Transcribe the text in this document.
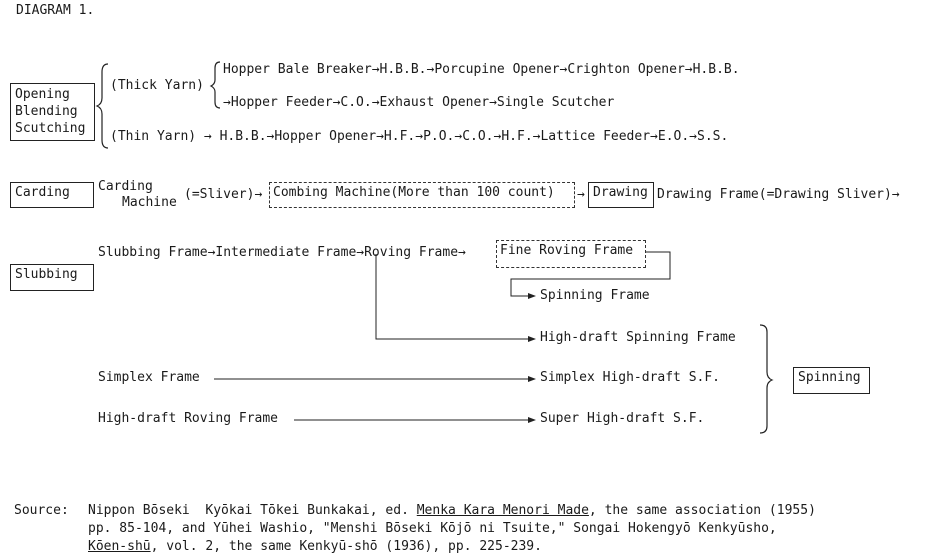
DIAGRAM 1.
Opening
Blending
Scutching
(Thick Yarn)
Hopper Bale Breaker→H.B.B.→Porcupine Opener→Crighton Opener→H.B.B.
→Hopper Feeder→C.O.→Exhaust Opener→Single Scutcher
(Thin Yarn) → H.B.B.→Hopper Opener→H.F.→P.O.→C.O.→H.F.→Lattice Feeder→E.O.→S.S.
Carding	Carding
Machine
(=Sliver)→ Combing Machine(More than 100 count)	→ Drawing Drawing Frame(=Drawing Sliver)→
Slubbing Frame→Intermediate Frame→Roving Frame→	Fine Roving Frame
Slubbing
Spinning Frame
High-draft Spinning Frame
Simplex Frame	Simplex High-draft S.F.
High-draft Roving Frame	Super High-draft S.F.
Spinning
Source: Nippon Bōseki  Kyōkai Tōkei Bunkakai, ed. Menka Kara Menori Made, the same association (1955)
pp. 85-104, and Yūhei Washio, "Menshi Bōseki Kōjō ni Tsuite," Songai Hokengyō Kenkyūsho,
Kōen-shū, vol. 2, the same Kenkyū-shō (1936), pp. 225-239.
